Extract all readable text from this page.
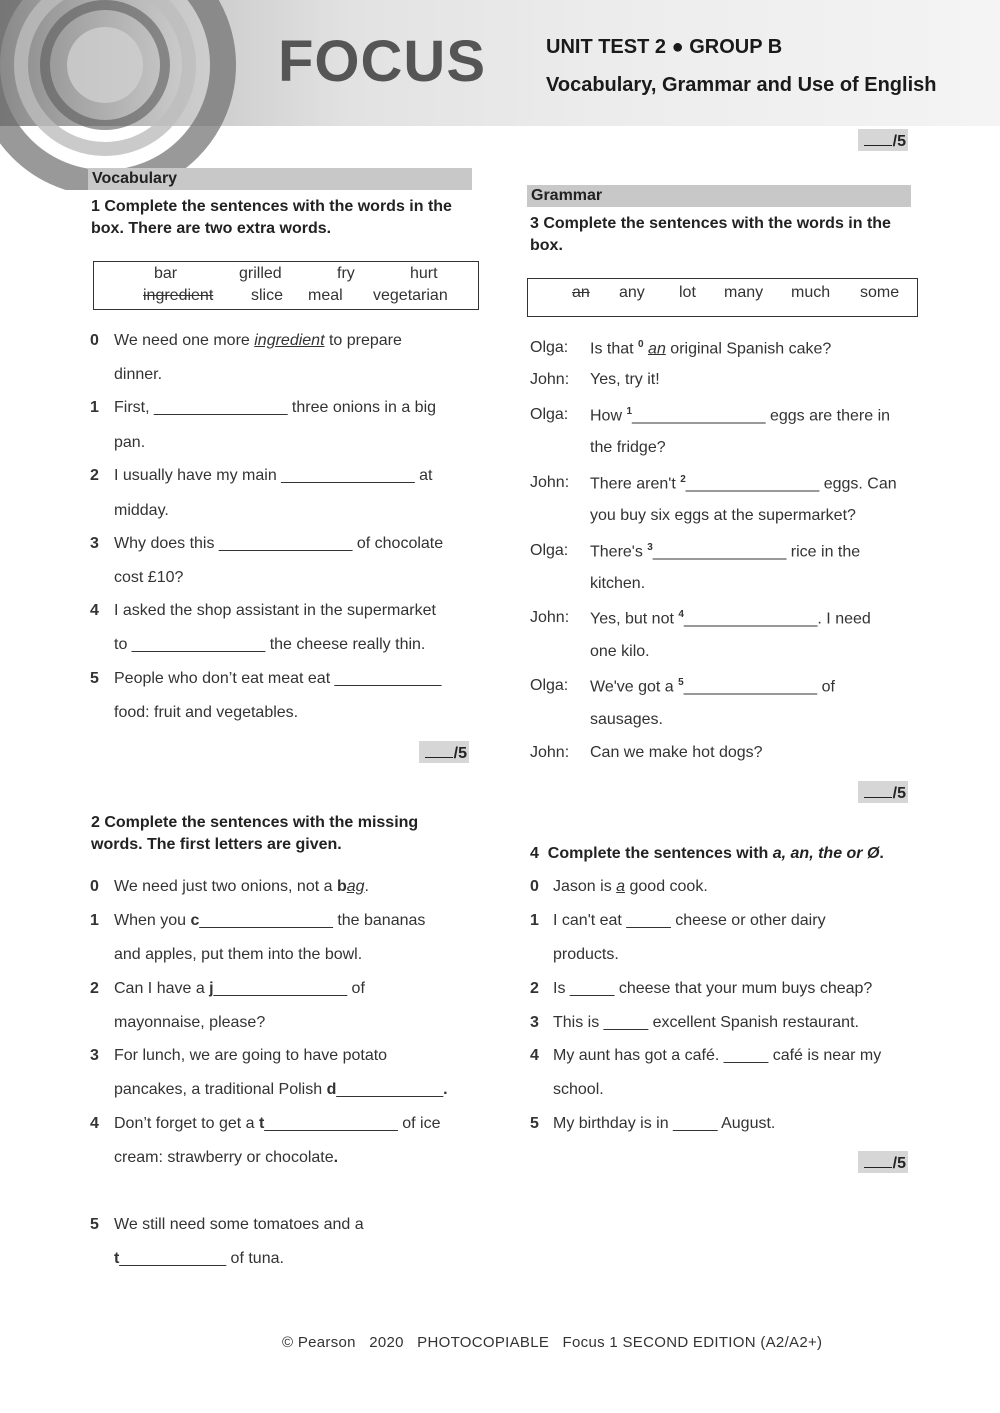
FOCUS	UNIT TEST 2 ● GROUP B
Vocabulary, Grammar and Use of English
/5
Vocabulary
1 Complete the sentences with the words in the
box. There are two extra words.
bar	grilled	fry	hurt
ingredient slice meal vegetarian
0 We need one more ingredient to prepare
dinner.
1 First, _______________ three onions in a big
pan.
2 I usually have my main _______________ at
midday.
3 Why does this _______________ of chocolate
cost £10?
4 I asked the shop assistant in the supermarket
to _______________ the cheese really thin.
5 People who don’t eat meat eat ____________
food: fruit and vegetables.
/5
2 Complete the sentences with the missing
words. The first letters are given.
0 We need just two onions, not a bag.
1 When you c_______________ the bananas
and apples, put them into the bowl.
2 Can I have a j_______________ of
mayonnaise, please?
3 For lunch, we are going to have potato
pancakes, a traditional Polish d____________.
4 Don’t forget to get a t_______________ of ice
cream: strawberry or chocolate.
5 We still need some tomatoes and a
t____________ of tuna.
Grammar
3 Complete the sentences with the words in the
box.
an any lot many much some
Olga: Is that $^0$ an original Spanish cake?
John: Yes, try it!
Olga: How $^1$_______________ eggs are there in
the fridge?
John: There aren't $^2$_______________ eggs. Can
you buy six eggs at the supermarket?
Olga: There's $^3$_______________ rice in the
kitchen.
John: Yes, but not $^4$_______________. I need
one kilo.
Olga: We've got a $^5$_______________ of
sausages.
John: Can we make hot dogs?
/5
4 Complete the sentences with a, an, the or Ø.
0 Jason is a good cook.
1 I can't eat _____ cheese or other dairy
products.
2 Is _____ cheese that your mum buys cheap?
3 This is _____ excellent Spanish restaurant.
4 My aunt has got a café. _____ café is near my
school.
5 My birthday is in _____ August.
/5
© Pearson   2020   PHOTOCOPIABLE   Focus 1 SECOND EDITION (A2/A2+)
